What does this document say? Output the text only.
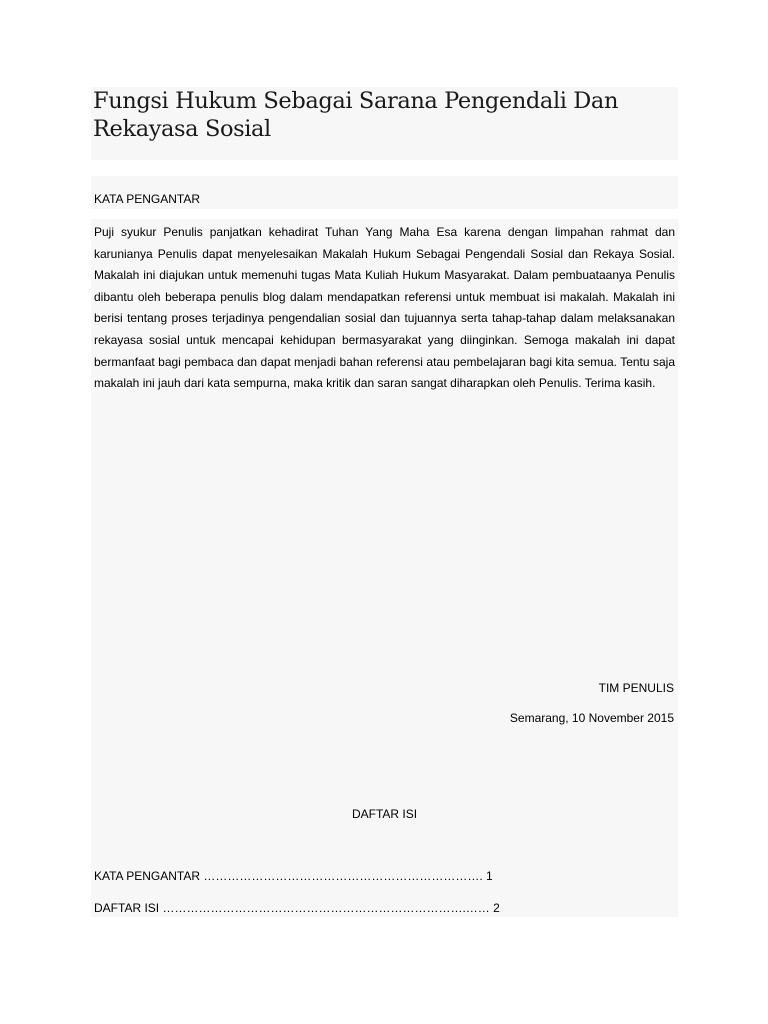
Fungsi Hukum Sebagai Sarana Pengendali Dan Rekayasa Sosial
KATA PENGANTAR
Puji syukur Penulis panjatkan kehadirat Tuhan Yang Maha Esa karena dengan limpahan rahmat dan karunianya Penulis dapat menyelesaikan Makalah Hukum Sebagai Pengendali Sosial dan Rekaya Sosial. Makalah ini diajukan untuk memenuhi tugas Mata Kuliah Hukum Masyarakat. Dalam pembuataanya Penulis dibantu oleh beberapa penulis blog dalam mendapatkan referensi untuk membuat isi makalah. Makalah ini berisi tentang proses terjadinya pengendalian sosial dan tujuannya serta tahap-tahap dalam melaksanakan rekayasa sosial untuk mencapai kehidupan bermasyarakat yang diinginkan. Semoga makalah ini dapat bermanfaat bagi pembaca dan dapat menjadi bahan referensi atau pembelajaran bagi kita semua. Tentu saja makalah ini jauh dari kata sempurna, maka kritik dan saran sangat diharapkan oleh Penulis. Terima kasih.
TIM PENULIS
Semarang, 10 November 2015
DAFTAR ISI
KATA PENGANTAR ……………………………………………………………. 1
DAFTAR ISI ………………………………………………………………….…… 2
